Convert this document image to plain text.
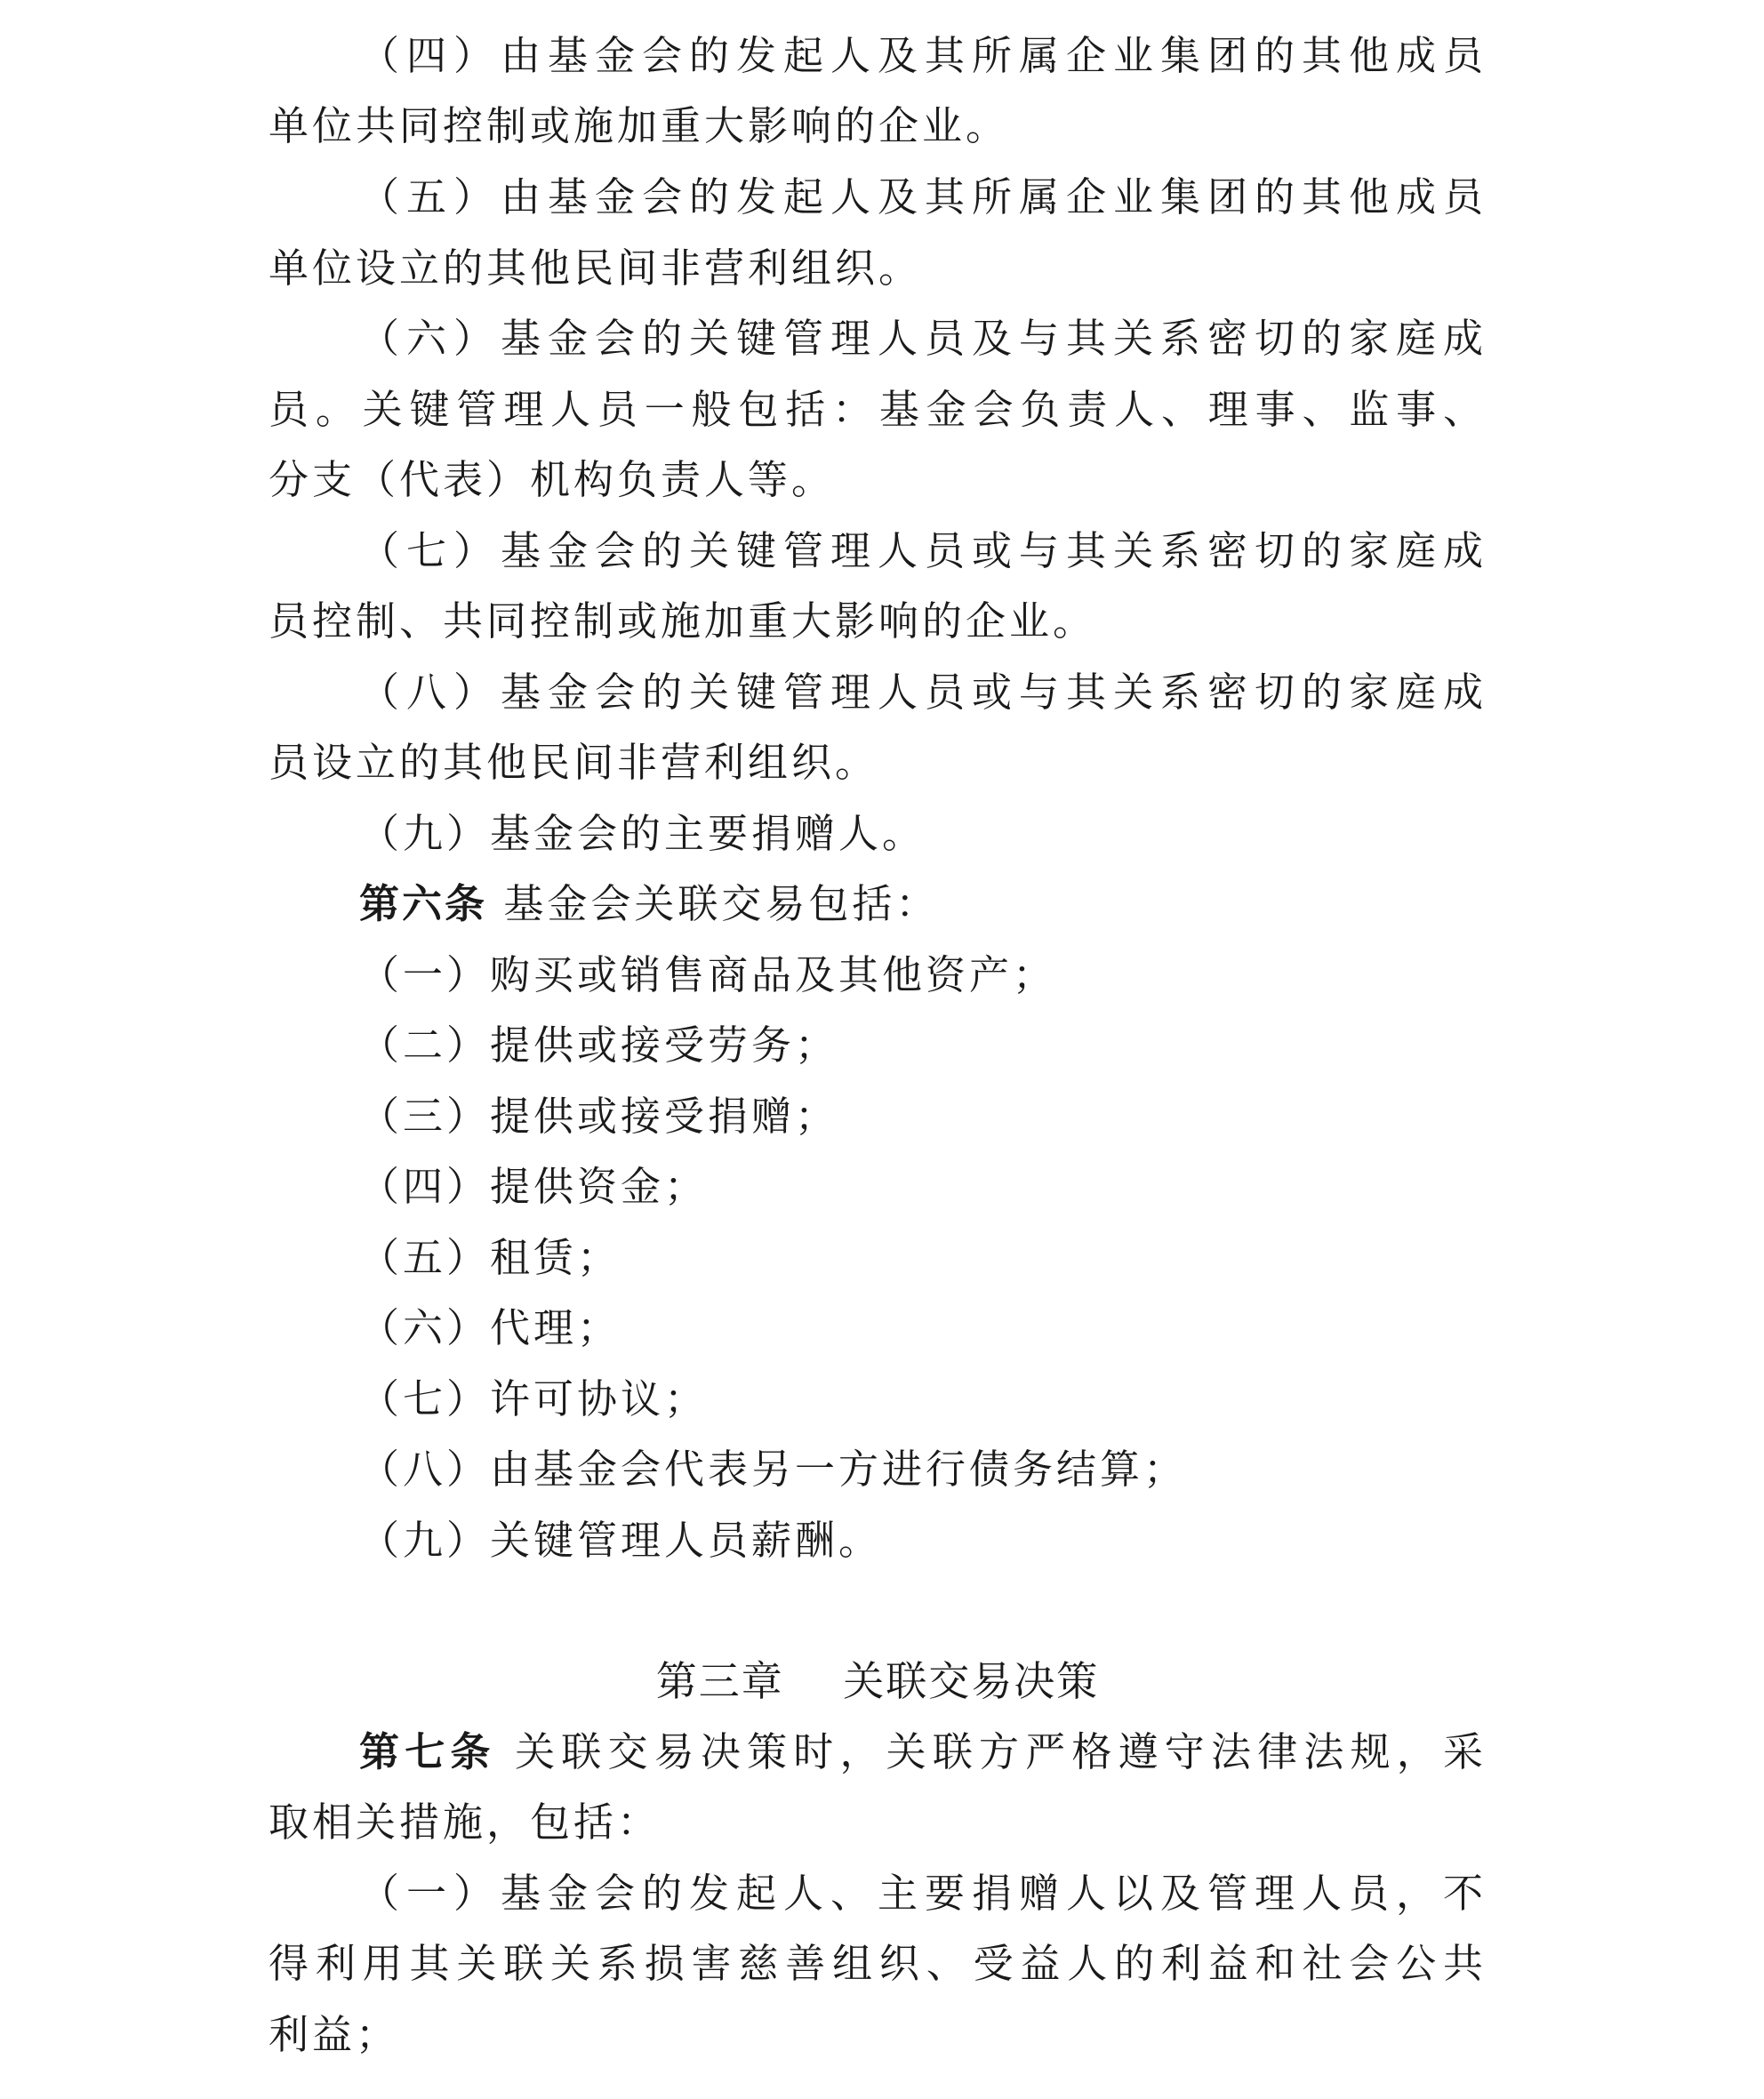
（四）由基金会的发起人及其所属企业集团的其他成员
单位共同控制或施加重大影响的企业。
（五）由基金会的发起人及其所属企业集团的其他成员
单位设立的其他民间非营利组织。
（六）基金会的关键管理人员及与其关系密切的家庭成
员。关键管理人员一般包括：基金会负责人、理事、监事、
分支（代表）机构负责人等。
（七）基金会的关键管理人员或与其关系密切的家庭成
员控制、共同控制或施加重大影响的企业。
（八）基金会的关键管理人员或与其关系密切的家庭成
员设立的其他民间非营利组织。
（九）基金会的主要捐赠人。
第六条 基金会关联交易包括：
（一）购买或销售商品及其他资产；
（二）提供或接受劳务；
（三）提供或接受捐赠；
（四）提供资金；
（五）租赁；
（六）代理；
（七）许可协议；
（八）由基金会代表另一方进行债务结算；
（九）关键管理人员薪酬。
第三章    关联交易决策
第七条 关联交易决策时，关联方严格遵守法律法规，采
取相关措施，包括：
（一）基金会的发起人、主要捐赠人以及管理人员，不
得利用其关联关系损害慈善组织、受益人的利益和社会公共
利益；
